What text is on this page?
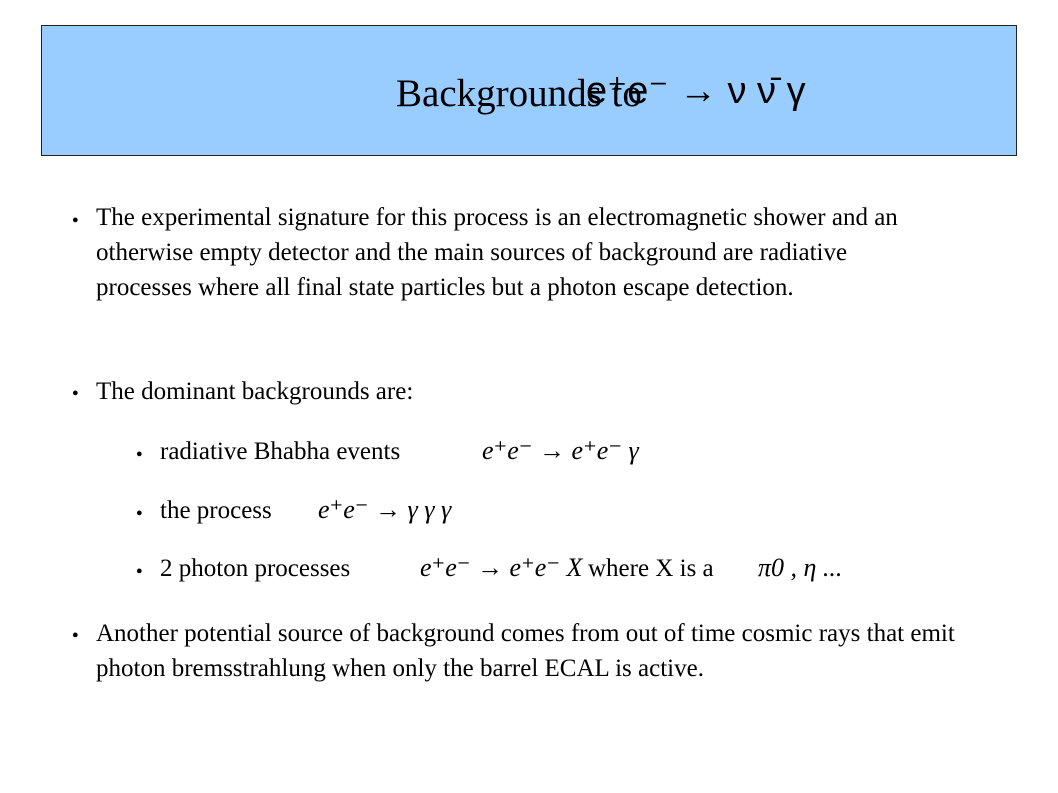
Backgrounds to
e⁺e⁻ → ν ν̄ γ
● The experimental signature for this process is an electromagnetic shower and an otherwise empty detector and the main sources of background are radiative processes where all final state particles but a photon escape detection.

● The dominant backgrounds are:

● radiative Bhabha events	e⁺e⁻ → e⁺e⁻ γ
● the process e⁺e⁻ → γ γ γ
● 2 photon processes	e⁺e⁻ → e⁺e⁻ X where X is a π0 , η ...
● Another potential source of background comes from out of time cosmic rays that emit photon bremsstrahlung when only the barrel ECAL is active.
